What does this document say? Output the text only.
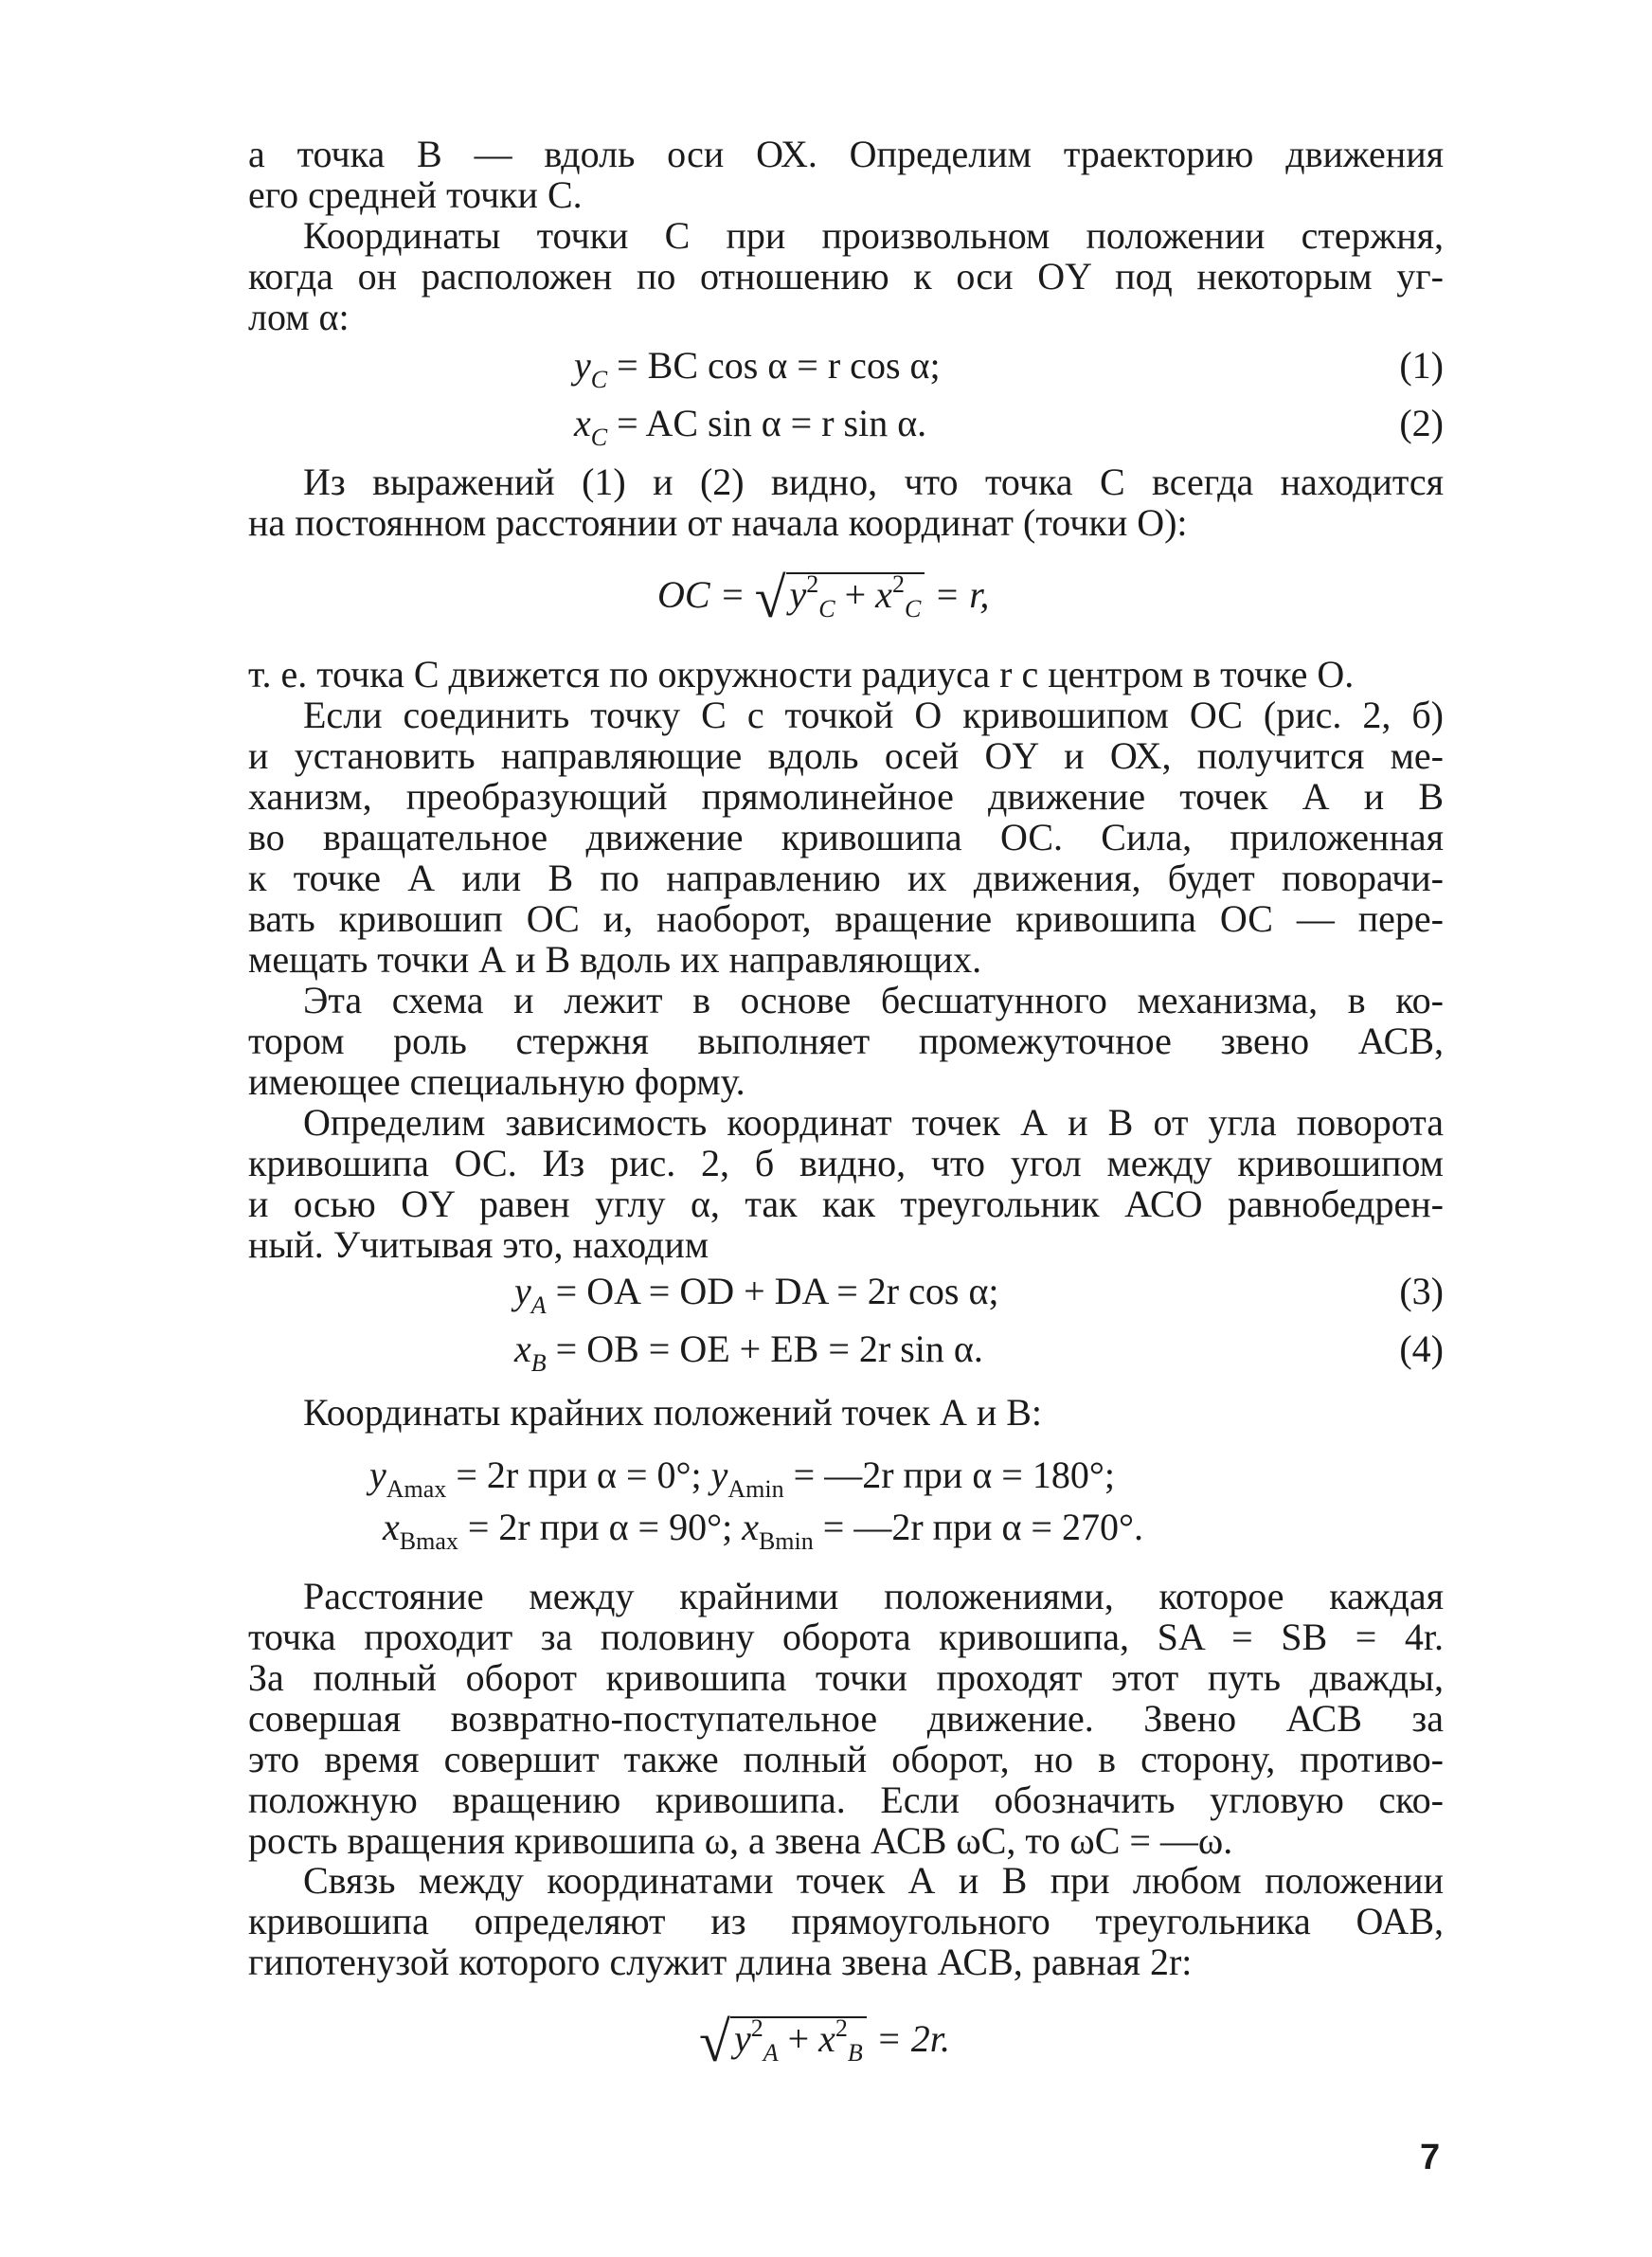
а точка В — вдоль оси ОХ. Определим траекторию движения
его средней точки С.

Координаты точки С при произвольном положении стержня,
когда он расположен по отношению к оси OY под некоторым уг-
лом α:

$y_C$ = BC cos α = r cos α;	(1)
$x_C$ = AC sin α = r sin α.	(2)

Из выражений (1) и (2) видно, что точка С всегда находится
на постоянном расстоянии от начала координат (точки О):

OC = √ $y^2_C + x^2_C = r$,

т. е. точка С движется по окружности радиуса r с центром в точке О.

Если соединить точку С с точкой О кривошипом ОС (рис. 2, б)
и установить направляющие вдоль осей OY и ОХ, получится ме-
ханизм, преобразующий прямолинейное движение точек А и В
во вращательное движение кривошипа ОС. Сила, приложенная
к точке А или В по направлению их движения, будет поворачи-
вать кривошип ОС и, наоборот, вращение кривошипа ОС — пере-
мещать точки А и В вдоль их направляющих.

Эта схема и лежит в основе бесшатунного механизма, в ко-
тором роль стержня выполняет промежуточное звено АСВ,
имеющее специальную форму.

Определим зависимость координат точек А и В от угла поворота
кривошипа ОС. Из рис. 2, б видно, что угол между кривошипом
и осью OY равен углу α, так как треугольник АСО равнобедрен-
ный. Учитывая это, находим

$y_A$ = OA = OD + DA = 2r cos α;	(3)
$x_B$ = OB = OE + EB = 2r sin α.	(4)

Координаты крайних положений точек А и В:

$y_{Amax} = 2r$ при α = 0°; $y_{Amin}$ = —2r при α = 180°;
$x_{Bmax} = 2r$ при α = 90°; $x_{Bmin}$ = —2r при α = 270°.

Расстояние между крайними положениями, которое каждая
точка проходит за половину оборота кривошипа, SA = SB = 4r.
За полный оборот кривошипа точки проходят этот путь дважды,
совершая возвратно-поступательное движение. Звено АСВ за
это время совершит также полный оборот, но в сторону, противо-
положную вращению кривошипа. Если обозначить угловую ско-
рость вращения кривошипа ω, а звена АСВ ωC, то ωC = —ω.

Связь между координатами точек А и В при любом положении
кривошипа определяют из прямоугольного треугольника ОАВ,
гипотенузой которого служит длина звена АСВ, равная 2r:

√ $y^2_A + x^2_B = 2r$.
7
